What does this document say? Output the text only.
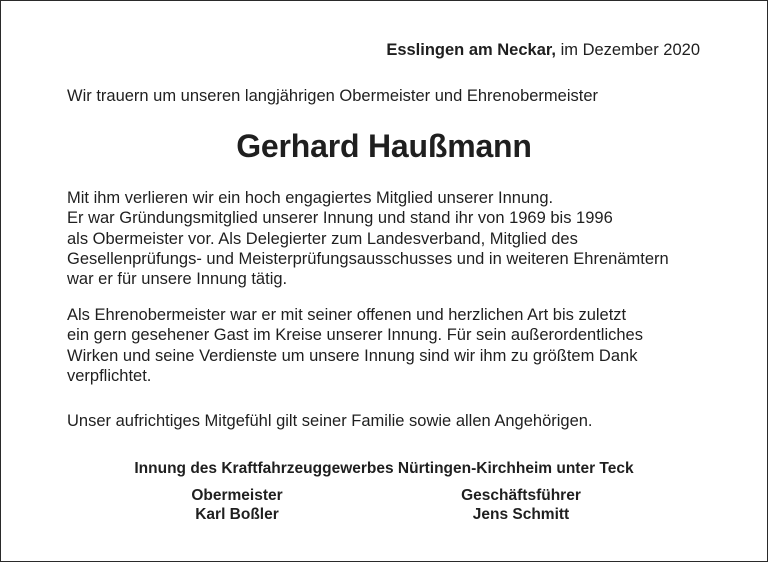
Esslingen am Neckar, im Dezember 2020
Wir trauern um unseren langjährigen Obermeister und Ehrenobermeister
Gerhard Haußmann
Mit ihm verlieren wir ein hoch engagiertes Mitglied unserer Innung.
Er war Gründungsmitglied unserer Innung und stand ihr von 1969 bis 1996
als Obermeister vor. Als Delegierter zum Landesverband, Mitglied des
Gesellenprüfungs- und Meisterprüfungsausschusses und in weiteren Ehrenämtern
war er für unsere Innung tätig.
Als Ehrenobermeister war er mit seiner offenen und herzlichen Art bis zuletzt
ein gern gesehener Gast im Kreise unserer Innung. Für sein außerordentliches
Wirken und seine Verdienste um unsere Innung sind wir ihm zu größtem Dank
verpflichtet.
Unser aufrichtiges Mitgefühl gilt seiner Familie sowie allen Angehörigen.
Innung des Kraftfahrzeuggewerbes Nürtingen-Kirchheim unter Teck
Obermeister
Karl Boßler
Geschäftsführer
Jens Schmitt
